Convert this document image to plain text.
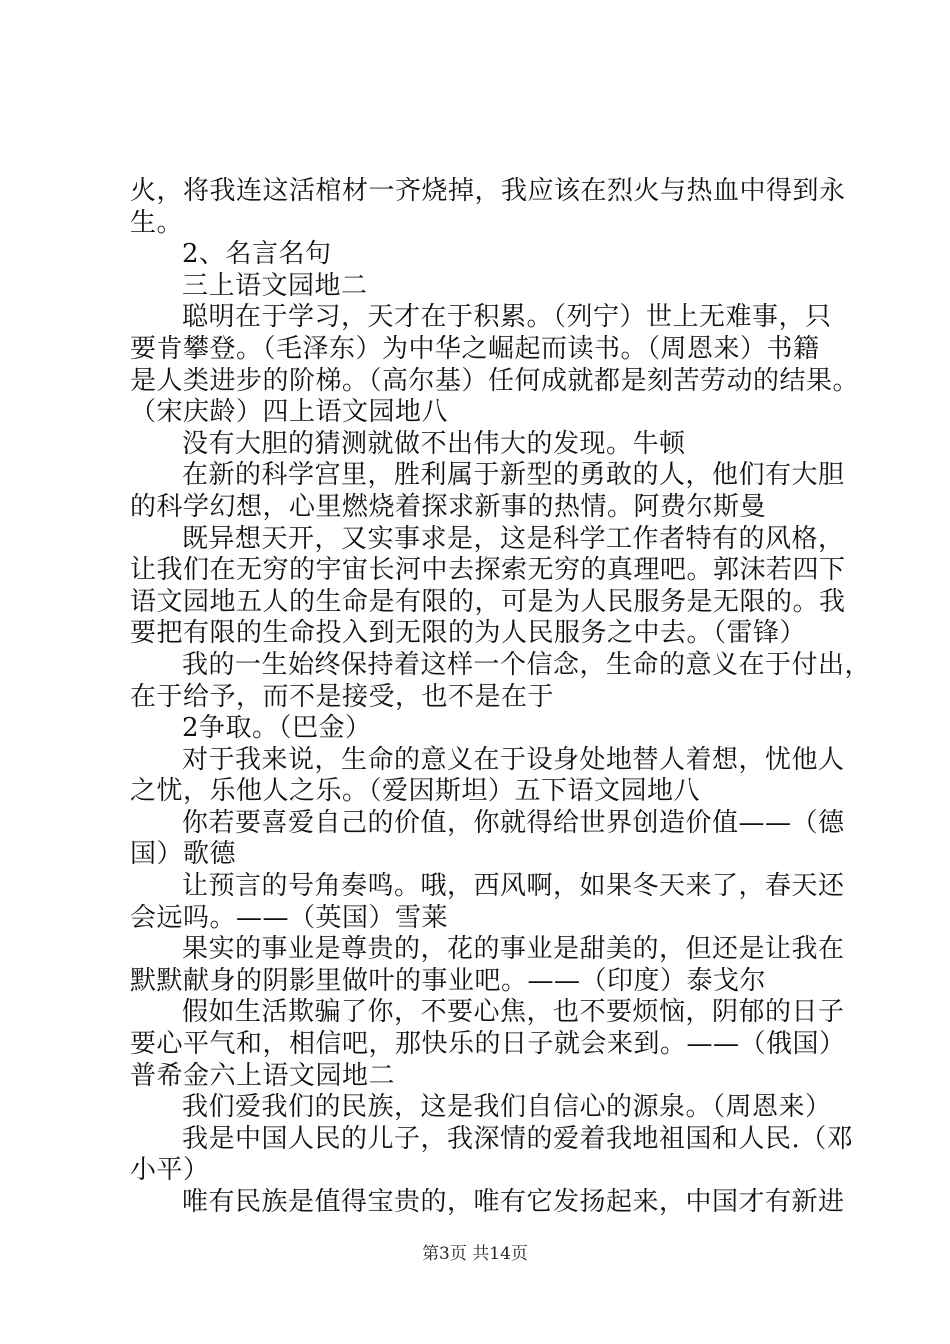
火，将我连这活棺材一齐烧掉，我应该在烈火与热血中得到永
生。
2、名言名句
三上语文园地二
聪明在于学习，天才在于积累。（列宁）世上无难事，只
要肯攀登。（毛泽东）为中华之崛起而读书。（周恩来）书籍
是人类进步的阶梯。（高尔基）任何成就都是刻苦劳动的结果。
（宋庆龄）四上语文园地八
没有大胆的猜测就做不出伟大的发现。牛顿
在新的科学宫里，胜利属于新型的勇敢的人，他们有大胆
的科学幻想，心里燃烧着探求新事的热情。阿费尔斯曼
既异想天开，又实事求是，这是科学工作者特有的风格，
让我们在无穷的宇宙长河中去探索无穷的真理吧。郭沫若四下
语文园地五人的生命是有限的，可是为人民服务是无限的。我
要把有限的生命投入到无限的为人民服务之中去。（雷锋）
我的一生始终保持着这样一个信念，生命的意义在于付出，
在于给予，而不是接受，也不是在于
2争取。（巴金）
对于我来说，生命的意义在于设身处地替人着想，忧他人
之忧，乐他人之乐。（爱因斯坦）五下语文园地八
你若要喜爱自己的价值，你就得给世界创造价值——（德
国）歌德
让预言的号角奏鸣。哦，西风啊，如果冬天来了，春天还
会远吗。——（英国）雪莱
果实的事业是尊贵的，花的事业是甜美的，但还是让我在
默默献身的阴影里做叶的事业吧。——（印度）泰戈尔
假如生活欺骗了你，不要心焦，也不要烦恼，阴郁的日子
要心平气和，相信吧，那快乐的日子就会来到。——（俄国）
普希金六上语文园地二
我们爱我们的民族，这是我们自信心的源泉。（周恩来）
我是中国人民的儿子，我深情的爱着我地祖国和人民.（邓
小平）
唯有民族是值得宝贵的，唯有它发扬起来，中国才有新进
第3页 共14页
